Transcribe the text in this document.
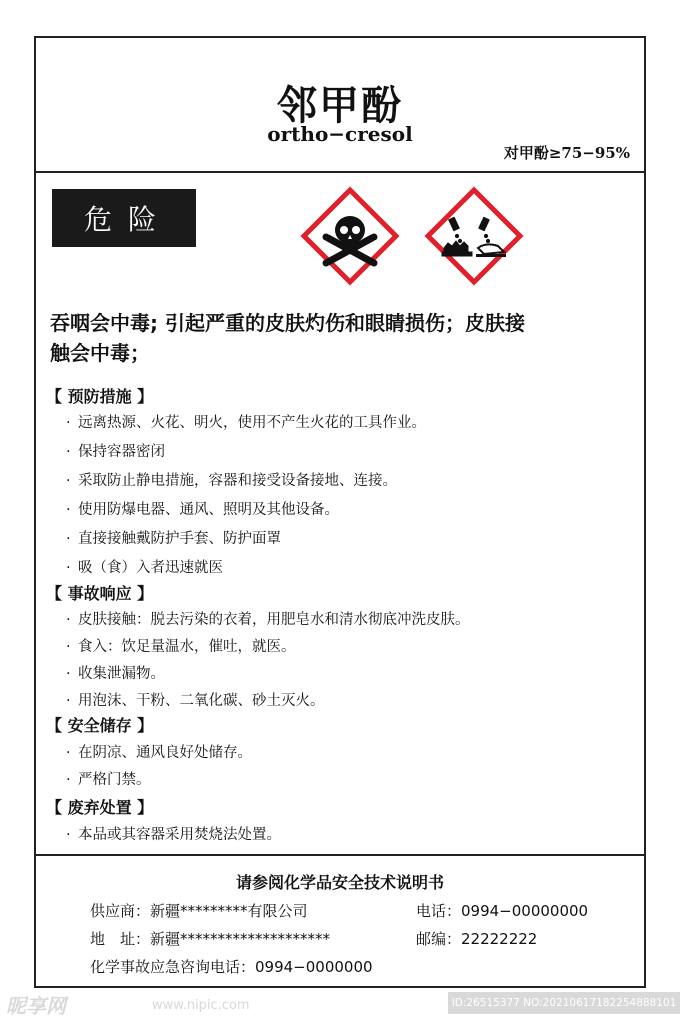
邻甲酚
ortho−cresol
对甲酚≥75−95%
危险
吞咽会中毒; 引起严重的皮肤灼伤和眼睛损伤；皮肤接
触会中毒；
【 预防措施 】
· 远离热源、火花、明火，使用不产生火花的工具作业。
· 保持容器密闭
· 采取防止静电措施，容器和接受设备接地、连接。
· 使用防爆电器、通风、照明及其他设备。
· 直接接触戴防护手套、防护面罩
· 吸（食）入者迅速就医
【 事故响应 】
· 皮肤接触：脱去污染的衣着，用肥皂水和清水彻底冲洗皮肤。
· 食入：饮足量温水，催吐，就医。
· 收集泄漏物。
· 用泡沫、干粉、二氧化碳、砂土灭火。
【 安全储存 】
· 在阴凉、通风良好处储存。
· 严格门禁。
【 废弃处置 】
· 本品或其容器采用焚烧法处置。
请参阅化学品安全技术说明书
供应商：新疆*********有限公司	电话：0994−00000000
地　址：新疆********************	邮编：22222222
化学事故应急咨询电话：0994−0000000
昵享网	www.nipic.com	ID:26515377 NO:20210617182254888101
